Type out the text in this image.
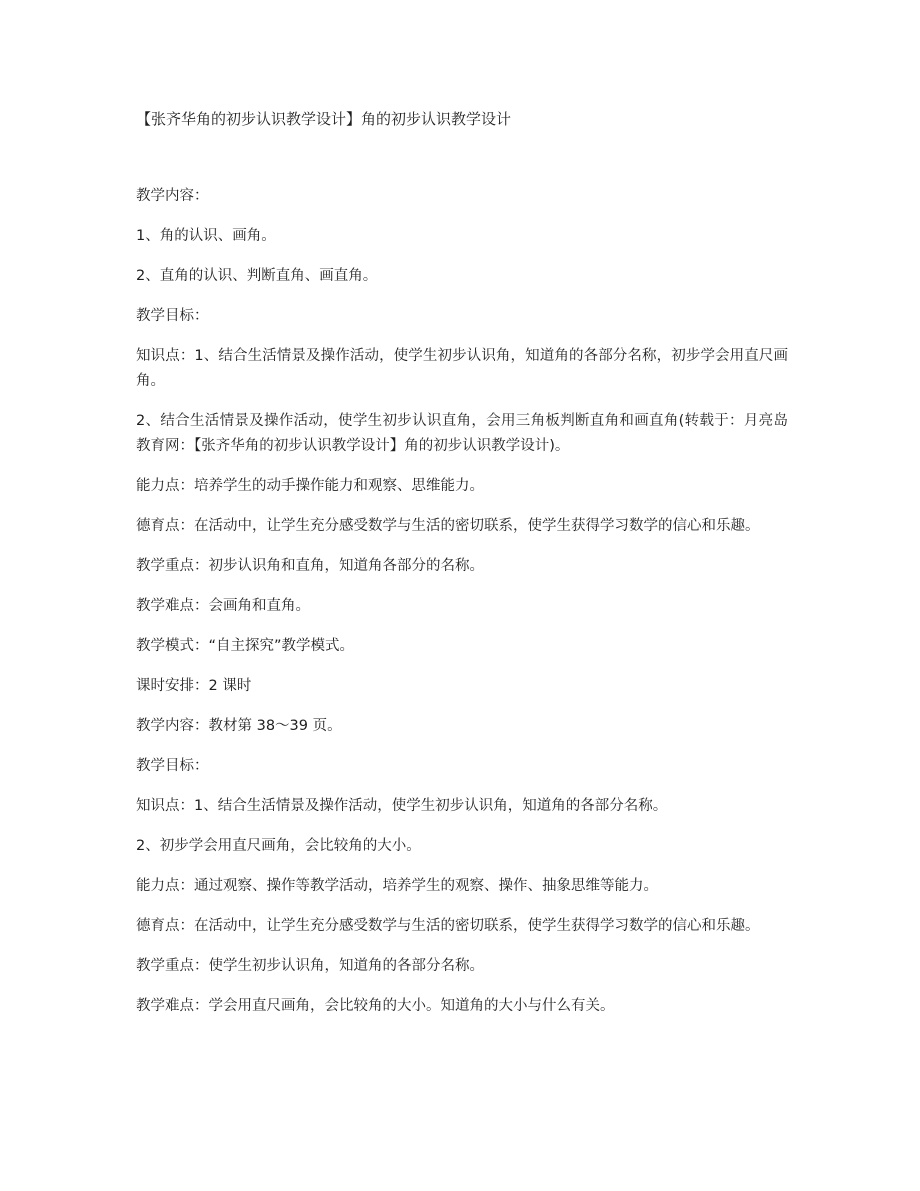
【张齐华角的初步认识教学设计】角的初步认识教学设计

教学内容：

1、角的认识、画角。

2、直角的认识、判断直角、画直角。

教学目标：

知识点：1、结合生活情景及操作活动，使学生初步认识角，知道角的各部分名称，初步学会用直尺画角。

2、结合生活情景及操作活动，使学生初步认识直角，会用三角板判断直角和画直角(转载于：月亮岛教育网：【张齐华角的初步认识教学设计】角的初步认识教学设计)。

能力点：培养学生的动手操作能力和观察、思维能力。

德育点：在活动中，让学生充分感受数学与生活的密切联系，使学生获得学习数学的信心和乐趣。

教学重点：初步认识角和直角，知道角各部分的名称。

教学难点：会画角和直角。

教学模式：“自主探究”教学模式。

课时安排：2 课时

教学内容：教材第 38～39 页。

教学目标：

知识点：1、结合生活情景及操作活动，使学生初步认识角，知道角的各部分名称。

2、初步学会用直尺画角，会比较角的大小。

能力点：通过观察、操作等教学活动，培养学生的观察、操作、抽象思维等能力。

德育点：在活动中，让学生充分感受数学与生活的密切联系，使学生获得学习数学的信心和乐趣。

教学重点：使学生初步认识角，知道角的各部分名称。

教学难点：学会用直尺画角，会比较角的大小。知道角的大小与什么有关。
